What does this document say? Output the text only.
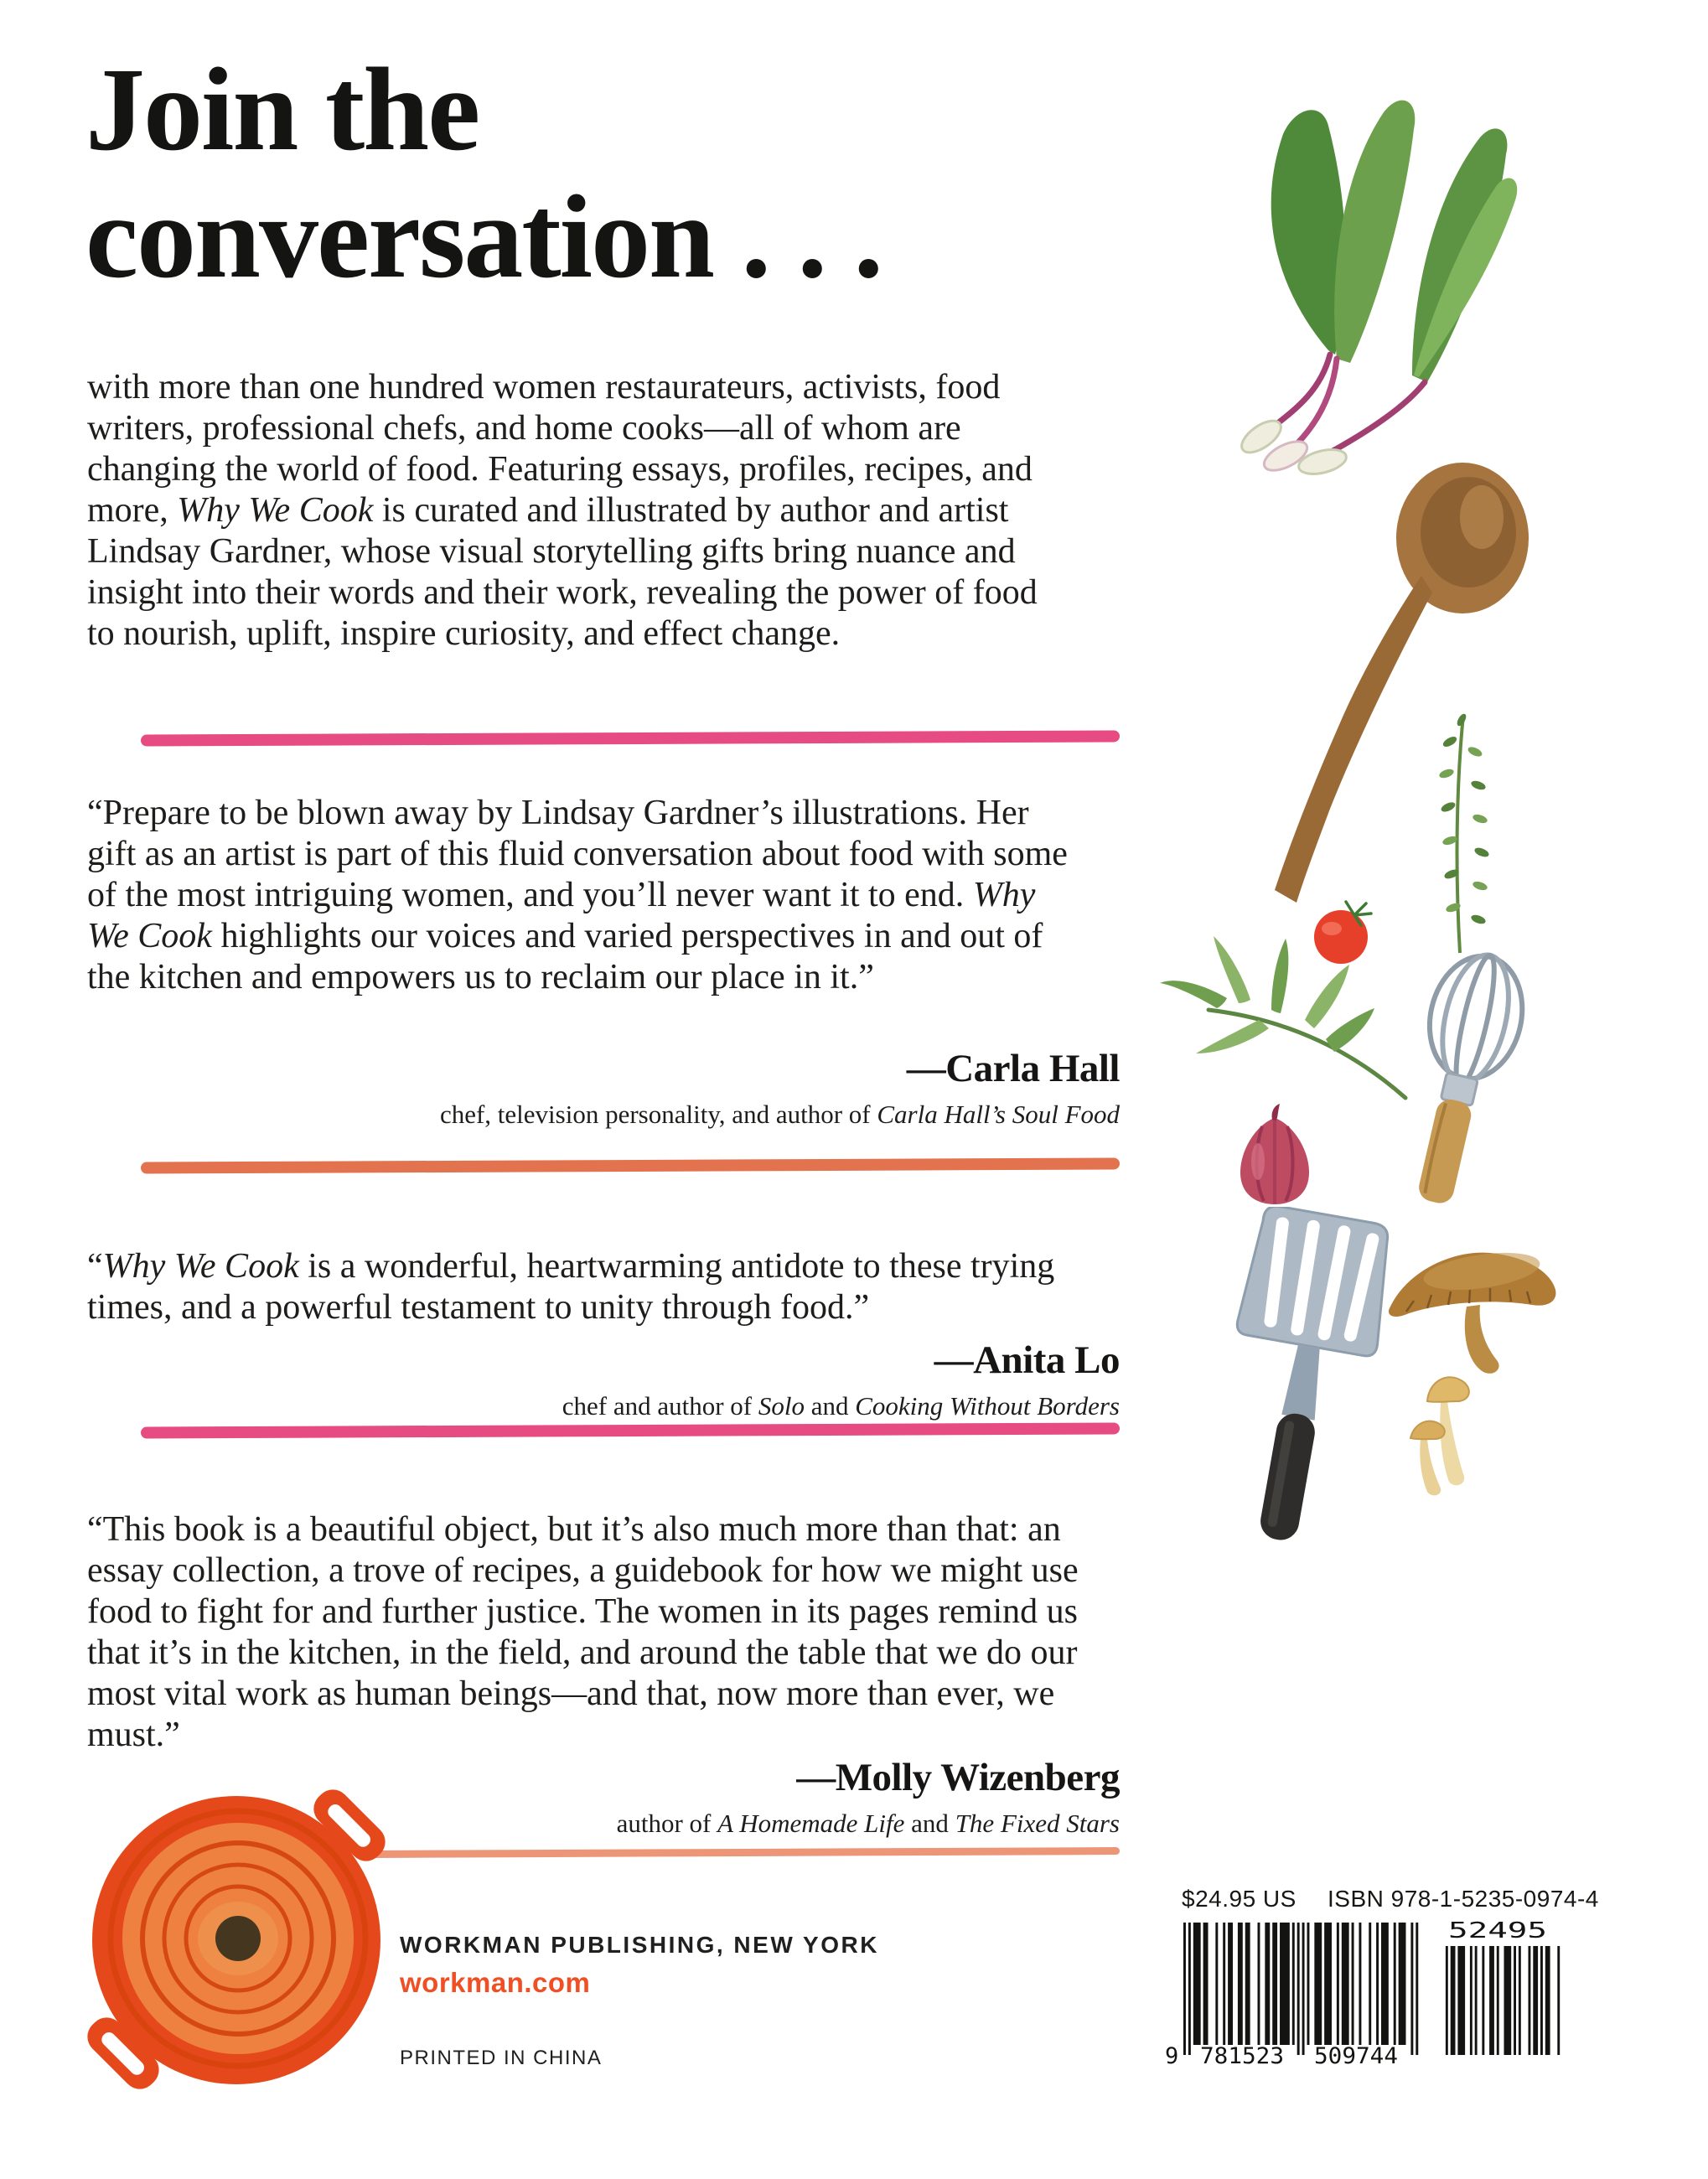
Join the
conversation . . .

with more than one hundred women restaurateurs, activists, food writers, professional chefs, and home cooks—all of whom are changing the world of food. Featuring essays, profiles, recipes, and more, Why We Cook is curated and illustrated by author and artist Lindsay Gardner, whose visual storytelling gifts bring nuance and insight into their words and their work, revealing the power of food to nourish, uplift, inspire curiosity, and effect change.

“Prepare to be blown away by Lindsay Gardner’s illustrations. Her gift as an artist is part of this fluid conversation about food with some of the most intriguing women, and you’ll never want it to end. Why We Cook highlights our voices and varied perspectives in and out of the kitchen and empowers us to reclaim our place in it.”

—Carla Hall
chef, television personality, and author of Carla Hall’s Soul Food

“Why We Cook is a wonderful, heartwarming antidote to these trying times, and a powerful testament to unity through food.”

—Anita Lo
chef and author of Solo and Cooking Without Borders

“This book is a beautiful object, but it’s also much more than that: an essay collection, a trove of recipes, a guidebook for how we might use food to fight for and further justice. The women in its pages remind us that it’s in the kitchen, in the field, and around the table that we do our most vital work as human beings—and that, now more than ever, we must.”

—Molly Wizenberg
author of A Homemade Life and The Fixed Stars
WORKMAN PUBLISHING, NEW YORK
workman.com
PRINTED IN CHINA
$24.95 US ISBN 978-1-5235-0974-4
9 781523 509744
52495
